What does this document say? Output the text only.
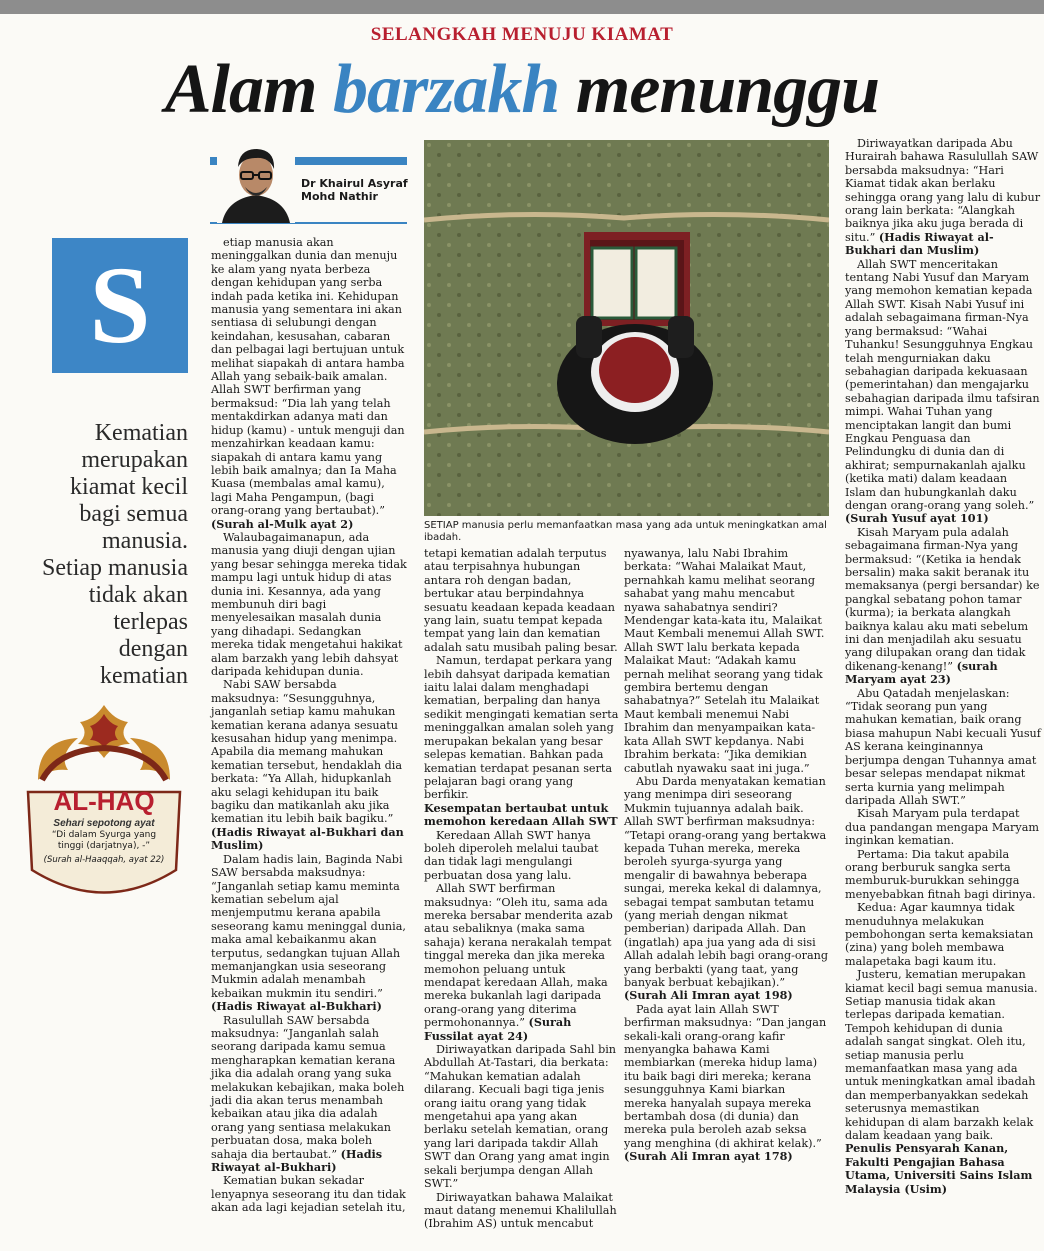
SELANGKAH MENUJU KIAMAT
Alam barzakh menunggu
Dr Khairul Asyraf Mohd Nathir
S
Kematian merupakan kiamat kecil bagi semua manusia. Setiap manusia tidak akan terlepas dengan kematian
AL-HAQ
Sehari sepotong ayat
“Di dalam Syurga yang tinggi (darjatnya), -”
(Surah al-Haaqqah, ayat 22)
SETIAP manusia perlu memanfaatkan masa yang ada untuk meningkatkan amal ibadah.

etiap manusia akan meninggalkan dunia dan menuju ke alam yang nyata berbeza dengan kehidupan yang serba indah pada ketika ini. Kehidupan manusia yang sementara ini akan sentiasa di selubungi dengan keindahan, kesusahan, cabaran dan pelbagai lagi bertujuan untuk melihat siapakah di antara hamba Allah yang sebaik-baik amalan. Allah SWT berfirman yang bermaksud: “Dia lah yang telah mentakdirkan adanya mati dan hidup (kamu) - untuk menguji dan menzahirkan keadaan kamu: siapakah di antara kamu yang lebih baik amalnya; dan Ia Maha Kuasa (membalas amal kamu), lagi Maha Pengampun, (bagi orang-orang yang bertaubat).” (Surah al-Mulk ayat 2)

Walaubagaimanapun, ada manusia yang diuji dengan ujian yang besar sehingga mereka tidak mampu lagi untuk hidup di atas dunia ini. Kesannya, ada yang membunuh diri bagi menyelesaikan masalah dunia yang dihadapi. Sedangkan mereka tidak mengetahui hakikat alam barzakh yang lebih dahsyat daripada kehidupan dunia.

Nabi SAW bersabda maksudnya: “Sesungguhnya, janganlah setiap kamu mahukan kematian kerana adanya sesuatu kesusahan hidup yang menimpa. Apabila dia memang mahukan kematian tersebut, hendaklah dia berkata: “Ya Allah, hidupkanlah aku selagi kehidupan itu baik bagiku dan matikanlah aku jika kematian itu lebih baik bagiku.” (Hadis Riwayat al-Bukhari dan Muslim)

Dalam hadis lain, Baginda Nabi SAW bersabda maksudnya: “Janganlah setiap kamu meminta kematian sebelum ajal menjemputmu kerana apabila seseorang kamu meninggal dunia, maka amal kebaikanmu akan terputus, sedangkan tujuan Allah memanjangkan usia seseorang Mukmin adalah menambah kebaikan mukmin itu sendiri.” (Hadis Riwayat al-Bukhari)

Rasulullah SAW bersabda maksudnya: “Janganlah salah seorang daripada kamu semua mengharapkan kematian kerana jika dia adalah orang yang suka melakukan kebajikan, maka boleh jadi dia akan terus menambah kebaikan atau jika dia adalah orang yang sentiasa melakukan perbuatan dosa, maka boleh sahaja dia bertaubat.” (Hadis Riwayat al-Bukhari)

Kematian bukan sekadar lenyapnya seseorang itu dan tidak akan ada lagi kejadian setelah itu,

tetapi kematian adalah terputus atau terpisahnya hubungan antara roh dengan badan, bertukar atau berpindahnya sesuatu keadaan kepada keadaan yang lain, suatu tempat kepada tempat yang lain dan kematian adalah satu musibah paling besar.

Namun, terdapat perkara yang lebih dahsyat daripada kematian iaitu lalai dalam menghadapi kematian, berpaling dan hanya sedikit mengingati kematian serta meninggalkan amalan soleh yang merupakan bekalan yang besar selepas kematian. Bahkan pada kematian terdapat pesanan serta pelajaran bagi orang yang berfikir.

Kesempatan bertaubat untuk memohon keredaan Allah SWT

Keredaan Allah SWT hanya boleh diperoleh melalui taubat dan tidak lagi mengulangi perbuatan dosa yang lalu.

Allah SWT berfirman maksudnya: “Oleh itu, sama ada mereka bersabar menderita azab atau sebaliknya (maka sama sahaja) kerana nerakalah tempat tinggal mereka dan jika mereka memohon peluang untuk mendapat keredaan Allah, maka mereka bukanlah lagi daripada orang-orang yang diterima permohonannya.” (Surah Fussilat ayat 24)

Diriwayatkan daripada Sahl bin Abdullah At-Tastari, dia berkata: “Mahukan kematian adalah dilarang. Kecuali bagi tiga jenis orang iaitu orang yang tidak mengetahui apa yang akan berlaku setelah kematian, orang yang lari daripada takdir Allah SWT dan Orang yang amat ingin sekali berjumpa dengan Allah SWT.”

Diriwayatkan bahawa Malaikat maut datang menemui Khalilullah (Ibrahim AS) untuk mencabut

nyawanya, lalu Nabi Ibrahim berkata: “Wahai Malaikat Maut, pernahkah kamu melihat seorang sahabat yang mahu mencabut nyawa sahabatnya sendiri? Mendengar kata-kata itu, Malaikat Maut Kembali menemui Allah SWT. Allah SWT lalu berkata kepada Malaikat Maut: “Adakah kamu pernah melihat seorang yang tidak gembira bertemu dengan sahabatnya?” Setelah itu Malaikat Maut kembali menemui Nabi Ibrahim dan menyampaikan kata-kata Allah SWT kepdanya. Nabi Ibrahim berkata: “Jika demikian cabutlah nyawaku saat ini juga.”

Abu Darda menyatakan kematian yang menimpa diri seseorang Mukmin tujuannya adalah baik. Allah SWT berfirman maksudnya: “Tetapi orang-orang yang bertakwa kepada Tuhan mereka, mereka beroleh syurga-syurga yang mengalir di bawahnya beberapa sungai, mereka kekal di dalamnya, sebagai tempat sambutan tetamu (yang meriah dengan nikmat pemberian) daripada Allah. Dan (ingatlah) apa jua yang ada di sisi Allah adalah lebih bagi orang-orang yang berbakti (yang taat, yang banyak berbuat kebajikan).” (Surah Ali Imran ayat 198)

Pada ayat lain Allah SWT berfirman maksudnya: “Dan jangan sekali-kali orang-orang kafir menyangka bahawa Kami membiarkan (mereka hidup lama) itu baik bagi diri mereka; kerana sesungguhnya Kami biarkan mereka hanyalah supaya mereka bertambah dosa (di dunia) dan mereka pula beroleh azab seksa yang menghina (di akhirat kelak).” (Surah Ali Imran ayat 178)

Diriwayatkan daripada Abu Hurairah bahawa Rasulullah SAW bersabda maksudnya: “Hari Kiamat tidak akan berlaku sehingga orang yang lalu di kubur orang lain berkata: “Alangkah baiknya jika aku juga berada di situ.” (Hadis Riwayat al-Bukhari dan Muslim)

Allah SWT menceritakan tentang Nabi Yusuf dan Maryam yang memohon kematian kepada Allah SWT. Kisah Nabi Yusuf ini adalah sebagaimana firman-Nya yang bermaksud: “Wahai Tuhanku! Sesungguhnya Engkau telah mengurniakan daku sebahagian daripada kekuasaan (pemerintahan) dan mengajarku sebahagian daripada ilmu tafsiran mimpi. Wahai Tuhan yang menciptakan langit dan bumi Engkau Penguasa dan Pelindungku di dunia dan di akhirat; sempurnakanlah ajalku (ketika mati) dalam keadaan Islam dan hubungkanlah daku dengan orang-orang yang soleh.” (Surah Yusuf ayat 101)

Kisah Maryam pula adalah sebagaimana firman-Nya yang bermaksud: “(Ketika ia hendak bersalin) maka sakit beranak itu memaksanya (pergi bersandar) ke pangkal sebatang pohon tamar (kurma); ia berkata alangkah baiknya kalau aku mati sebelum ini dan menjadilah aku sesuatu yang dilupakan orang dan tidak dikenang-kenang!” (surah Maryam ayat 23)

Abu Qatadah menjelaskan: “Tidak seorang pun yang mahukan kematian, baik orang biasa mahupun Nabi kecuali Yusuf AS kerana keinginannya berjumpa dengan Tuhannya amat besar selepas mendapat nikmat serta kurnia yang melimpah daripada Allah SWT.”

Kisah Maryam pula terdapat dua pandangan mengapa Maryam inginkan kematian.

Pertama: Dia takut apabila orang berburuk sangka serta memburuk-burukkan sehingga menyebabkan fitnah bagi dirinya.

Kedua: Agar kaumnya tidak menuduhnya melakukan pembohongan serta kemaksiatan (zina) yang boleh membawa malapetaka bagi kaum itu.

Justeru, kematian merupakan kiamat kecil bagi semua manusia. Setiap manusia tidak akan terlepas daripada kematian. Tempoh kehidupan di dunia adalah sangat singkat. Oleh itu, setiap manusia perlu memanfaatkan masa yang ada untuk meningkatkan amal ibadah dan memperbanyakkan sedekah seterusnya memastikan kehidupan di alam barzakh kelak dalam keadaan yang baik.

Penulis Pensyarah Kanan, Fakulti Pengajian Bahasa Utama, Universiti Sains Islam Malaysia (Usim)
